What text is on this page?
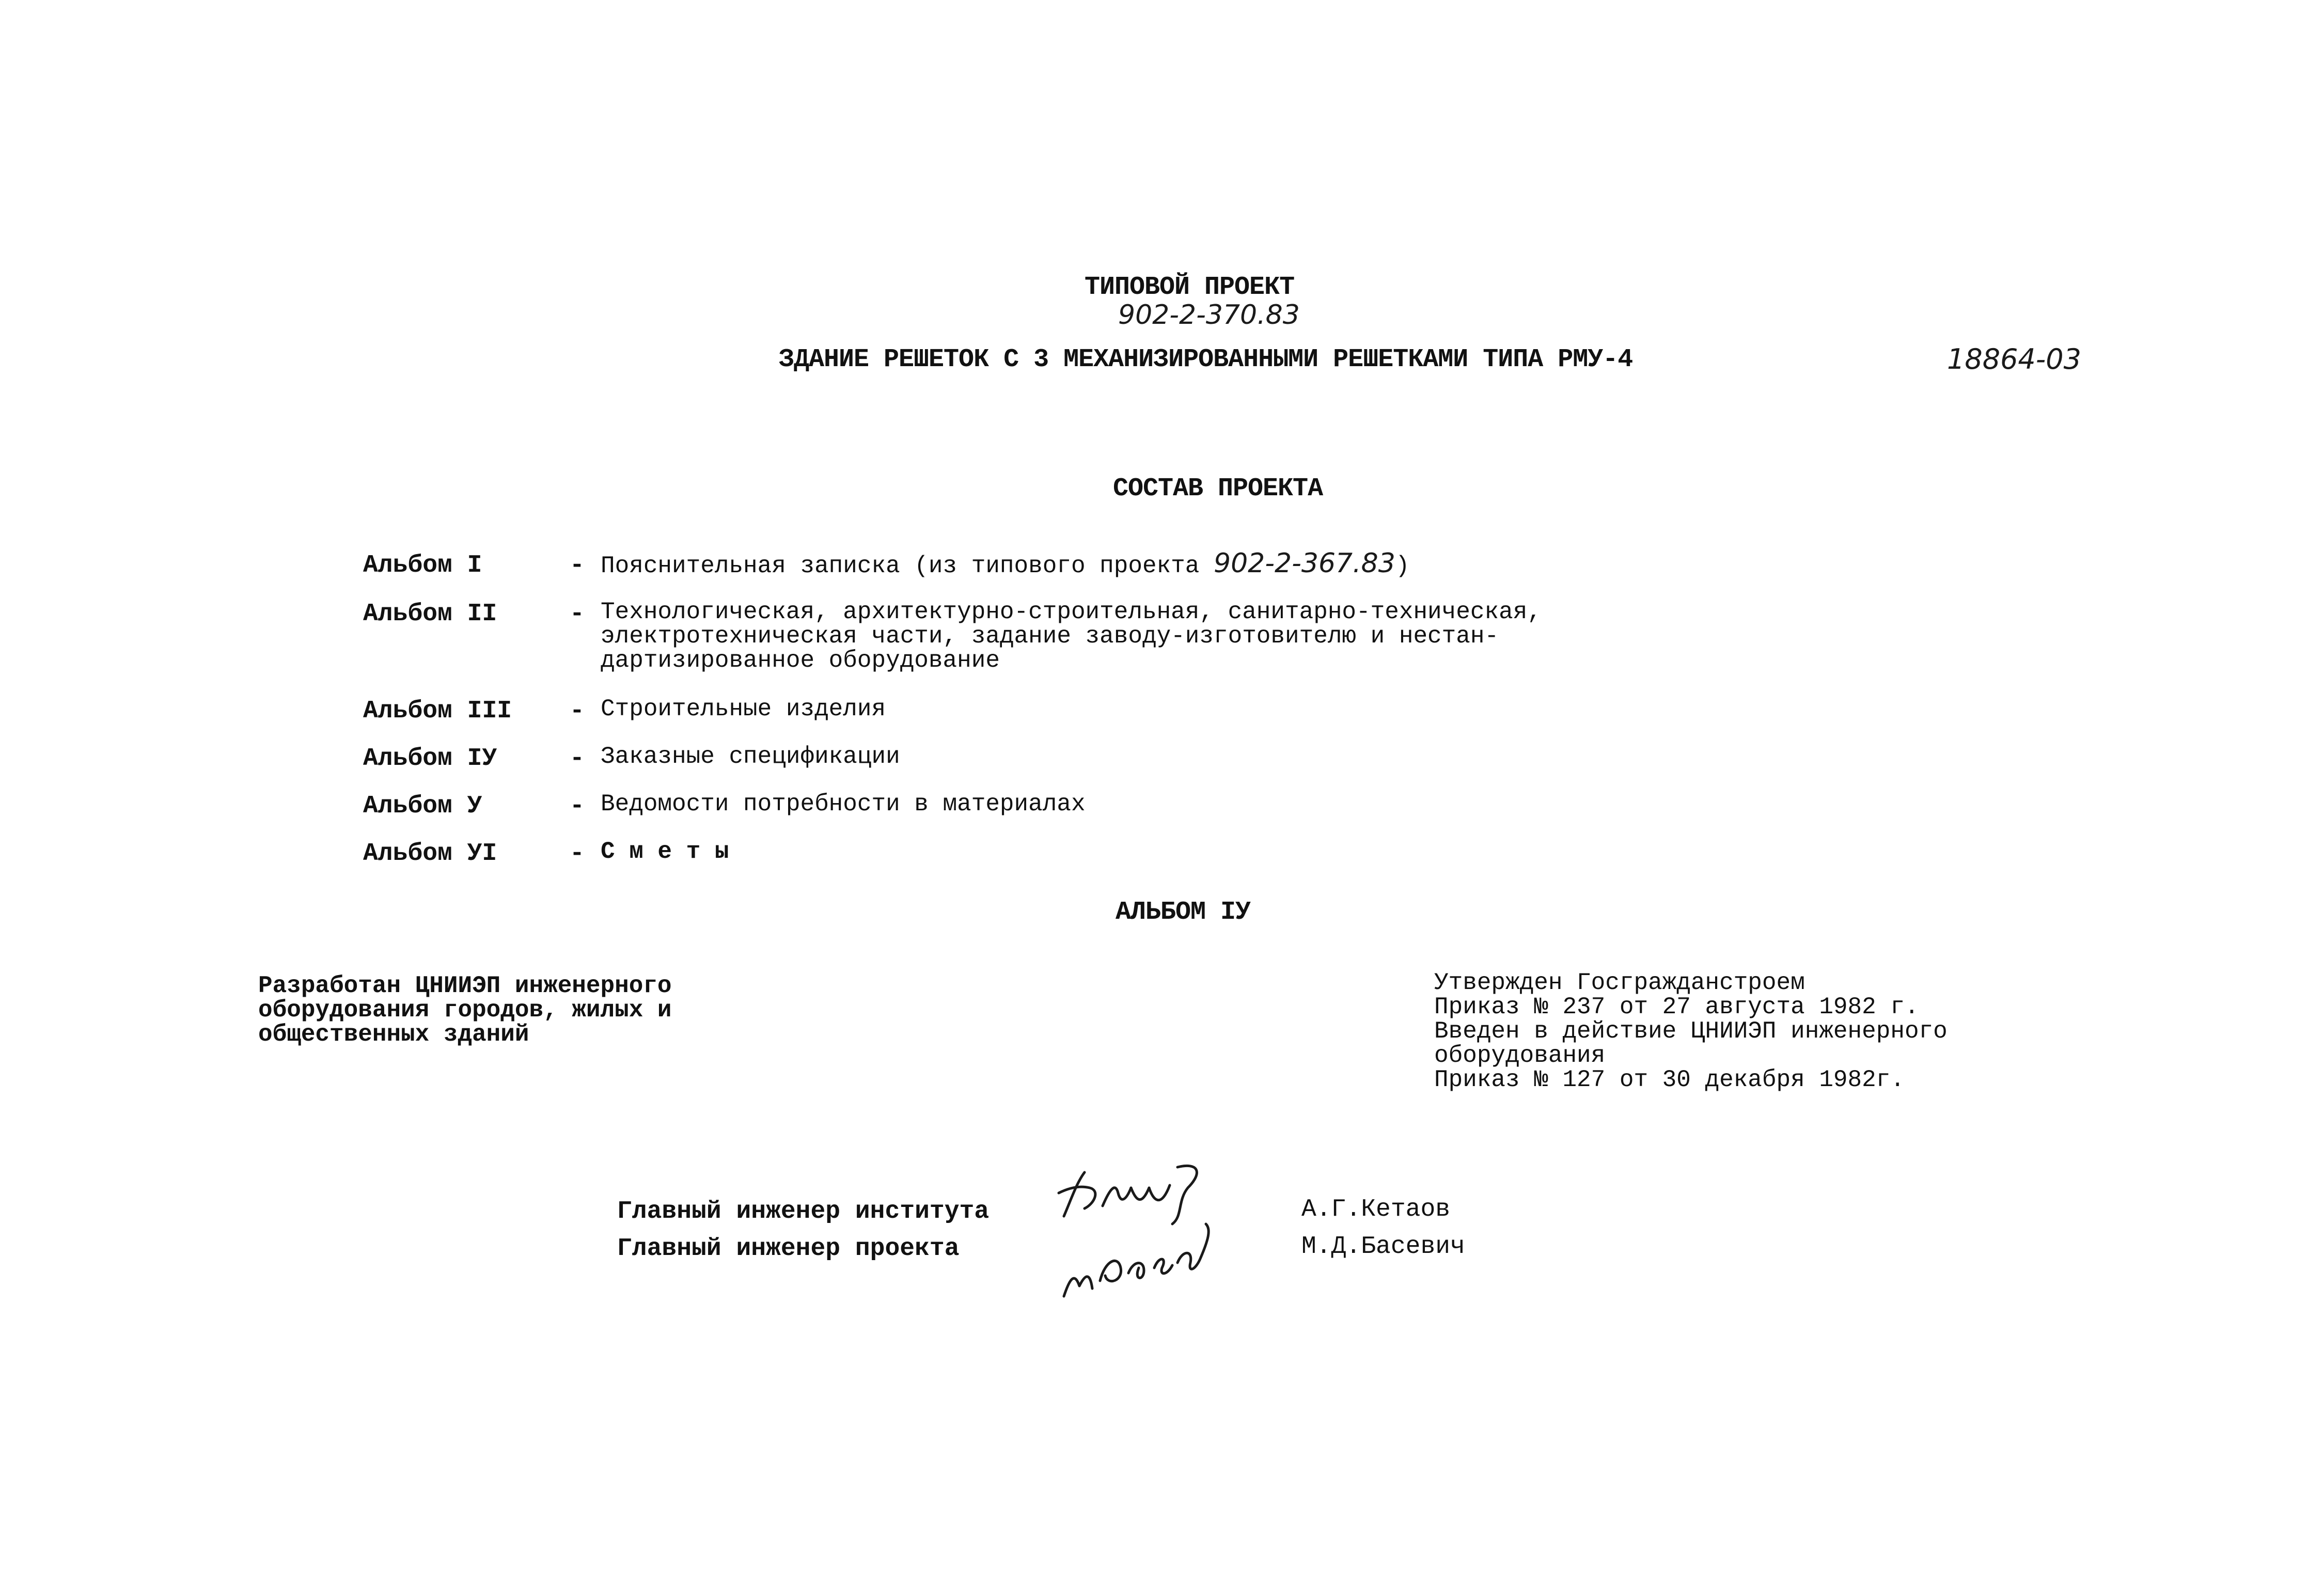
ТИПОВОЙ ПРОЕКТ
902-2-370.83
ЗДАНИЕ РЕШЕТОК С 3 МЕХАНИЗИРОВАННЫМИ РЕШЕТКАМИ ТИПА РМУ-4	18864-03
СОСТАВ ПРОЕКТА
Альбом I	- Пояснительная записка (из типового проекта 902-2-367.83)
Альбом II	- Технологическая, архитектурно-строительная, санитарно-техническая,
электротехническая части, задание заводу-изготовителю и нестан-
дартизированное оборудование
Альбом III - Строительные изделия
Альбом IУ	- Заказные спецификации
Альбом У	- Ведомости потребности в материалах
Альбом УI	- С м е т ы
АЛЬБОМ IУ
Разработан ЦНИИЭП инженерного
оборудования городов, жилых и
общественных зданий
Утвержден Госгражданстроем
Приказ № 237 от 27 августа 1982 г.
Введен в действие ЦНИИЭП инженерного
оборудования
Приказ № 127 от 30 декабря 1982г.
Главный инженер института	А.Г.Кетаов
Главный инженер проекта	М.Д.Басевич
